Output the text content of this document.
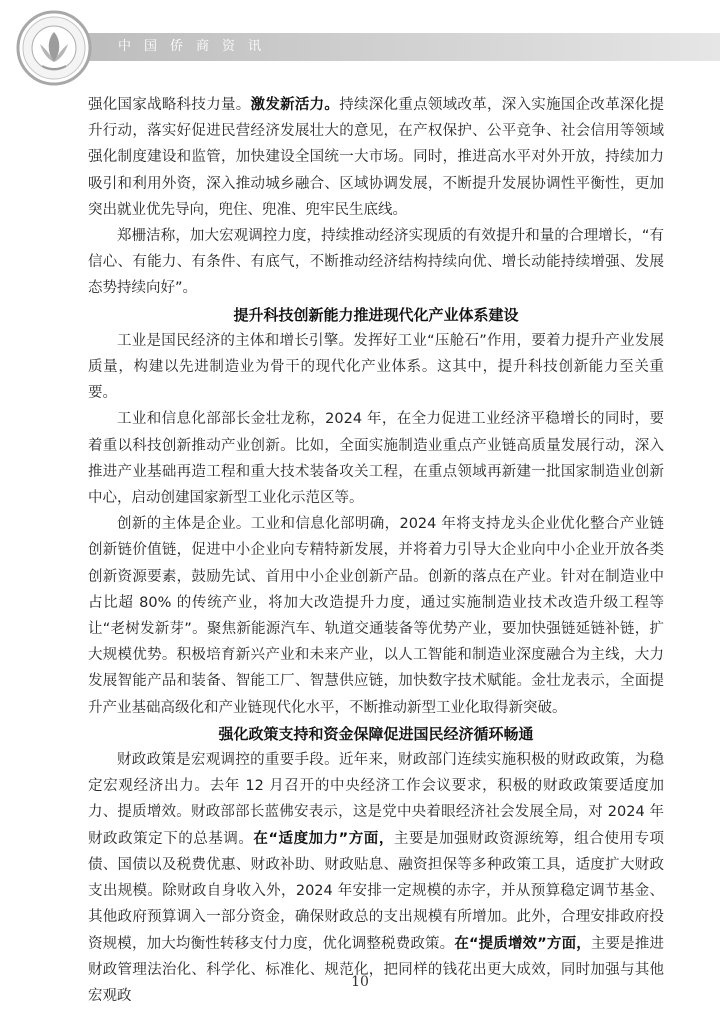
中国侨商资讯

强化国家战略科技力量。激发新活力。持续深化重点领域改革，深入实施国企改革深化提升行动，落实好促进民营经济发展壮大的意见，在产权保护、公平竞争、社会信用等领域强化制度建设和监管，加快建设全国统一大市场。同时，推进高水平对外开放，持续加力吸引和利用外资，深入推动城乡融合、区域协调发展，不断提升发展协调性平衡性，更加突出就业优先导向，兜住、兜准、兜牢民生底线。

郑栅洁称，加大宏观调控力度，持续推动经济实现质的有效提升和量的合理增长，“有信心、有能力、有条件、有底气，不断推动经济结构持续向优、增长动能持续增强、发展态势持续向好”。

提升科技创新能力推进现代化产业体系建设

工业是国民经济的主体和增长引擎。发挥好工业“压舱石”作用，要着力提升产业发展质量，构建以先进制造业为骨干的现代化产业体系。这其中，提升科技创新能力至关重要。

工业和信息化部部长金壮龙称，2024 年，在全力促进工业经济平稳增长的同时，要着重以科技创新推动产业创新。比如，全面实施制造业重点产业链高质量发展行动，深入推进产业基础再造工程和重大技术装备攻关工程，在重点领域再新建一批国家制造业创新中心，启动创建国家新型工业化示范区等。

创新的主体是企业。工业和信息化部明确，2024 年将支持龙头企业优化整合产业链创新链价值链，促进中小企业向专精特新发展，并将着力引导大企业向中小企业开放各类创新资源要素，鼓励先试、首用中小企业创新产品。创新的落点在产业。针对在制造业中占比超 80% 的传统产业，将加大改造提升力度，通过实施制造业技术改造升级工程等让“老树发新芽”。聚焦新能源汽车、轨道交通装备等优势产业，要加快强链延链补链，扩大规模优势。积极培育新兴产业和未来产业，以人工智能和制造业深度融合为主线，大力发展智能产品和装备、智能工厂、智慧供应链，加快数字技术赋能。金壮龙表示，全面提升产业基础高级化和产业链现代化水平，不断推动新型工业化取得新突破。

强化政策支持和资金保障促进国民经济循环畅通

财政政策是宏观调控的重要手段。近年来，财政部门连续实施积极的财政政策，为稳定宏观经济出力。去年 12 月召开的中央经济工作会议要求，积极的财政政策要适度加力、提质增效。财政部部长蓝佛安表示，这是党中央着眼经济社会发展全局，对 2024 年财政政策定下的总基调。在“适度加力”方面，主要是加强财政资源统筹，组合使用专项债、国债以及税费优惠、财政补助、财政贴息、融资担保等多种政策工具，适度扩大财政支出规模。除财政自身收入外，2024 年安排一定规模的赤字，并从预算稳定调节基金、其他政府预算调入一部分资金，确保财政总的支出规模有所增加。此外，合理安排政府投资规模，加大均衡性转移支付力度，优化调整税费政策。在“提质增效”方面，主要是推进财政管理法治化、科学化、标准化、规范化，把同样的钱花出更大成效，同时加强与其他宏观政

10
